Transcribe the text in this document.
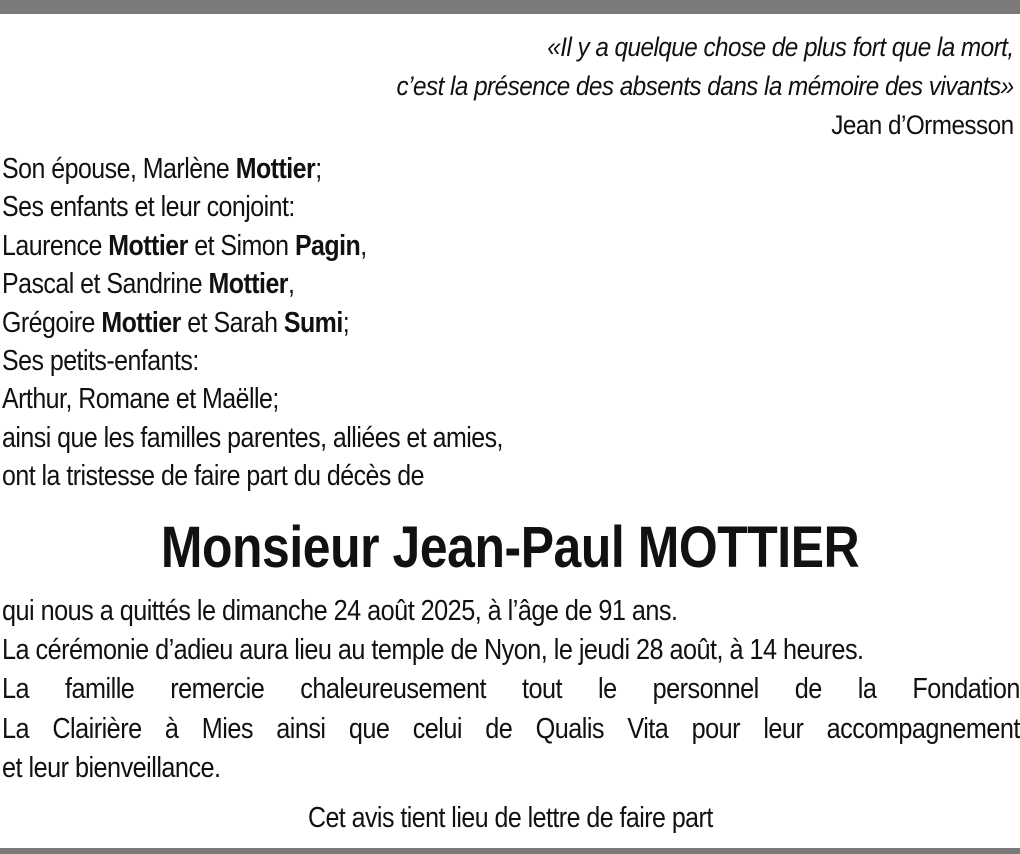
«Il y a quelque chose de plus fort que la mort,
c’est la présence des absents dans la mémoire des vivants»
Jean d’Ormesson
Son épouse, Marlène Mottier;
Ses enfants et leur conjoint:
Laurence Mottier et Simon Pagin,
Pascal et Sandrine Mottier,
Grégoire Mottier et Sarah Sumi;
Ses petits-enfants:
Arthur, Romane et Maëlle;
ainsi que les familles parentes, alliées et amies,
ont la tristesse de faire part du décès de
Monsieur Jean-Paul MOTTIER
qui nous a quittés le dimanche 24 août 2025, à l’âge de 91 ans.
La cérémonie d’adieu aura lieu au temple de Nyon, le jeudi 28 août, à 14 heures.
La famille remercie chaleureusement tout le personnel de la Fondation
La Clairière à Mies ainsi que celui de Qualis Vita pour leur accompagnement
et leur bienveillance.
Cet avis tient lieu de lettre de faire part
